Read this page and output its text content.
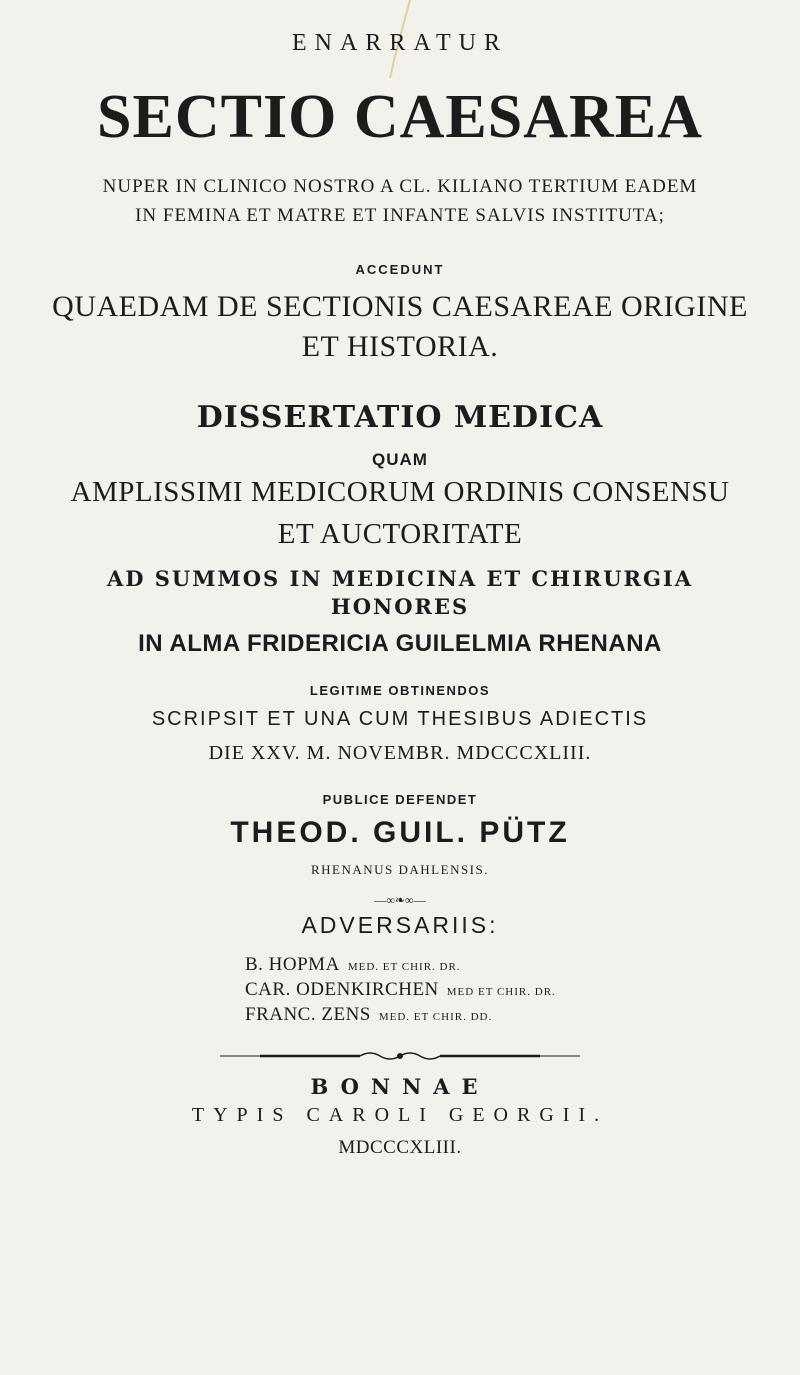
ENARRATUR

SECTIO CAESAREA

NUPER IN CLINICO NOSTRO A CL. KILIANO TERTIUM EADEM

IN FEMINA ET MATRE ET INFANTE SALVIS INSTITUTA;

ACCEDUNT

QUAEDAM DE SECTIONIS CAESAREAE ORIGINE

ET HISTORIA.

DISSERTATIO MEDICA

QUAM

AMPLISSIMI MEDICORUM ORDINIS CONSENSU

ET AUCTORITATE

AD SUMMOS IN MEDICINA ET CHIRURGIA

HONORES

IN ALMA FRIDERICIA GUILELMIA RHENANA

LEGITIME OBTINENDOS

SCRIPSIT ET UNA CUM THESIBUS ADIECTIS

DIE XXV. M. NOVEMBR. MDCCCXLIII.

PUBLICE DEFENDET

THEOD. GUIL. PÜTZ

RHENANUS DAHLENSIS.

—∞❧∞—

ADVERSARIIS:

B. HOPMA MED. ET CHIR. DR.

CAR. ODENKIRCHEN MED ET CHIR. DR.

FRANC. ZENS MED. ET CHIR. DD.

BONNAE

TYPIS CAROLI GEORGII.

MDCCCXLIII.
